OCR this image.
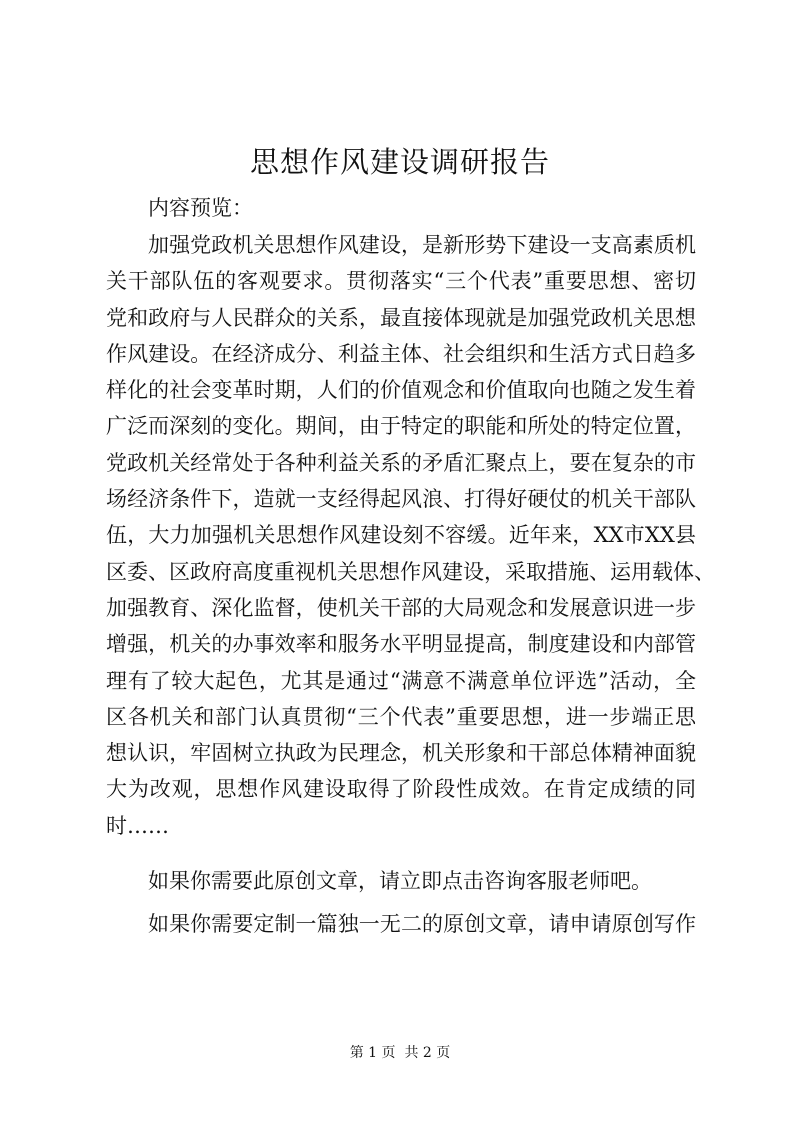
思想作风建设调研报告
内容预览：
加强党政机关思想作风建设，是新形势下建设一支高素质机
关干部队伍的客观要求。贯彻落实“三个代表”重要思想、密切
党和政府与人民群众的关系，最直接体现就是加强党政机关思想
作风建设。在经济成分、利益主体、社会组织和生活方式日趋多
样化的社会变革时期，人们的价值观念和价值取向也随之发生着
广泛而深刻的变化。期间，由于特定的职能和所处的特定位置，
党政机关经常处于各种利益关系的矛盾汇聚点上，要在复杂的市
场经济条件下，造就一支经得起风浪、打得好硬仗的机关干部队
伍，大力加强机关思想作风建设刻不容缓。近年来，XX市XX县
区委、区政府高度重视机关思想作风建设，采取措施、运用载体、
加强教育、深化监督，使机关干部的大局观念和发展意识进一步
增强，机关的办事效率和服务水平明显提高，制度建设和内部管
理有了较大起色，尤其是通过“满意不满意单位评选”活动，全
区各机关和部门认真贯彻“三个代表”重要思想，进一步端正思
想认识，牢固树立执政为民理念，机关形象和干部总体精神面貌
大为改观，思想作风建设取得了阶段性成效。在肯定成绩的同
时……
如果你需要此原创文章，请立即点击咨询客服老师吧。
如果你需要定制一篇独一无二的原创文章，请申请原创写作
第 1 页  共 2 页
